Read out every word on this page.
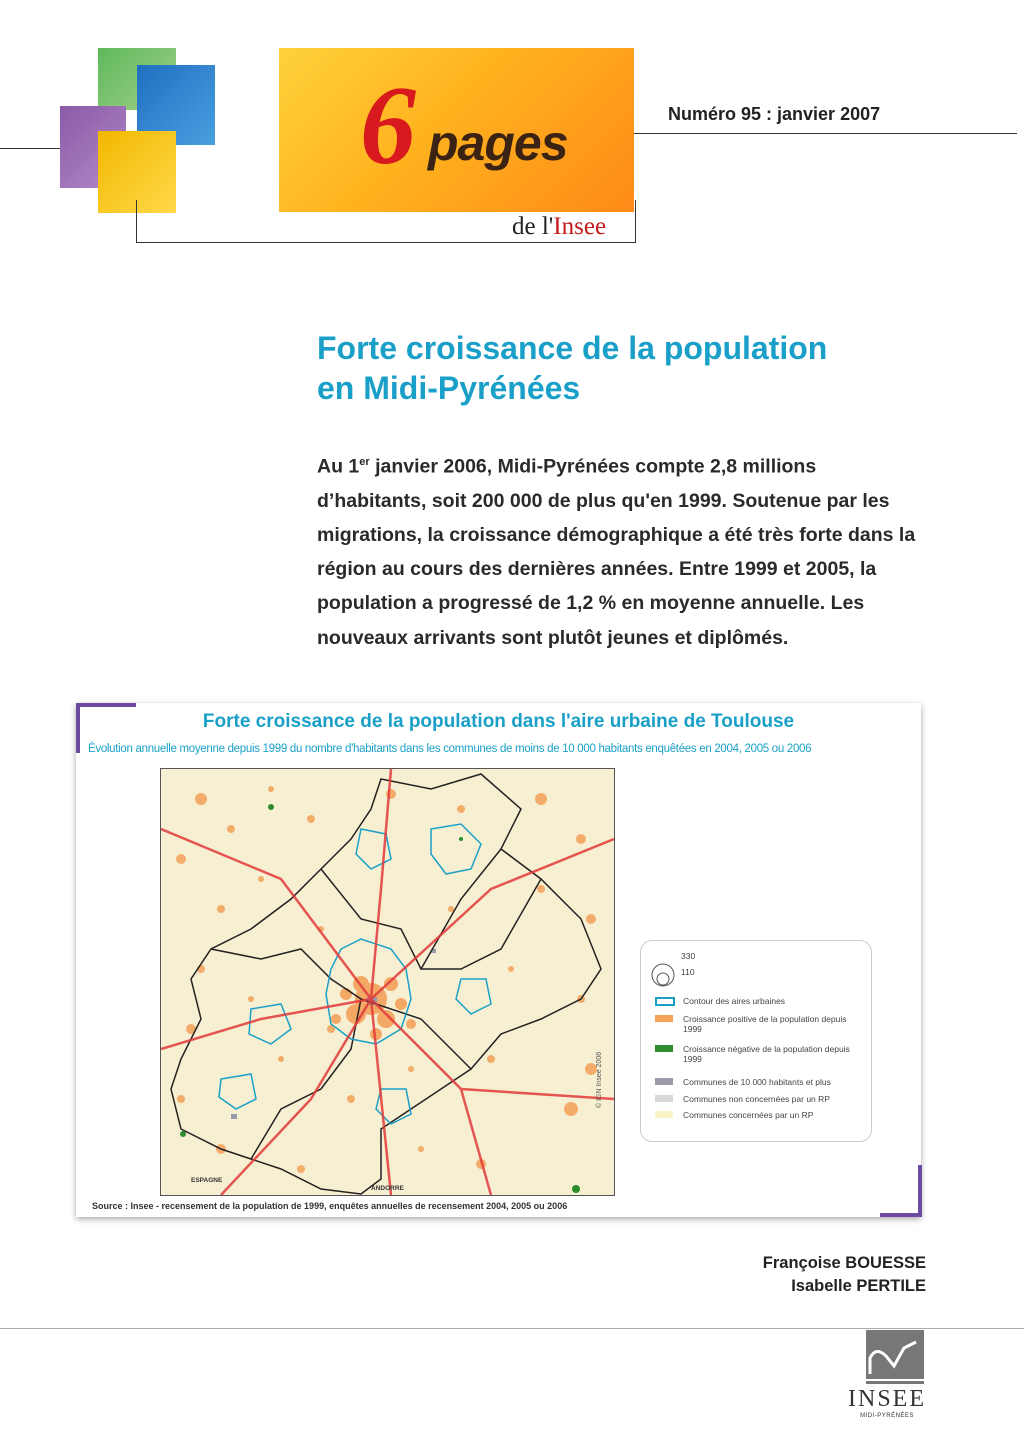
6 pages
de l'Insee
Numéro 95 : janvier 2007
Forte croissance de la population
en Midi-Pyrénées
Au 1er janvier 2006, Midi-Pyrénées compte 2,8 millions d’habitants, soit 200 000 de plus qu'en 1999. Soutenue par les migrations, la croissance démographique a été très forte dans la région au cours des dernières années. Entre 1999 et 2005, la population a progressé de 1,2 % en moyenne annuelle. Les nouveaux arrivants sont plutôt jeunes et diplômés.
Forte croissance de la population dans l'aire urbaine de Toulouse
Évolution annuelle moyenne depuis 1999 du nombre d'habitants dans les communes de moins de 10 000 habitants enquêtées en 2004, 2005 ou 2006
ESPAGNE
ANDORRE
© IGN Insee 2006
330
110
Contour des aires urbaines
Croissance positive de la population depuis 1999
Croissance négative de la population depuis 1999
Communes de 10 000 habitants et plus
Communes non concernées par un RP
Communes concernées par un RP
Source : Insee - recensement de la population de 1999, enquêtes annuelles de recensement 2004, 2005 ou 2006
Françoise BOUESSE
Isabelle PERTILE
INSEE
MIDI-PYRÉNÉES
